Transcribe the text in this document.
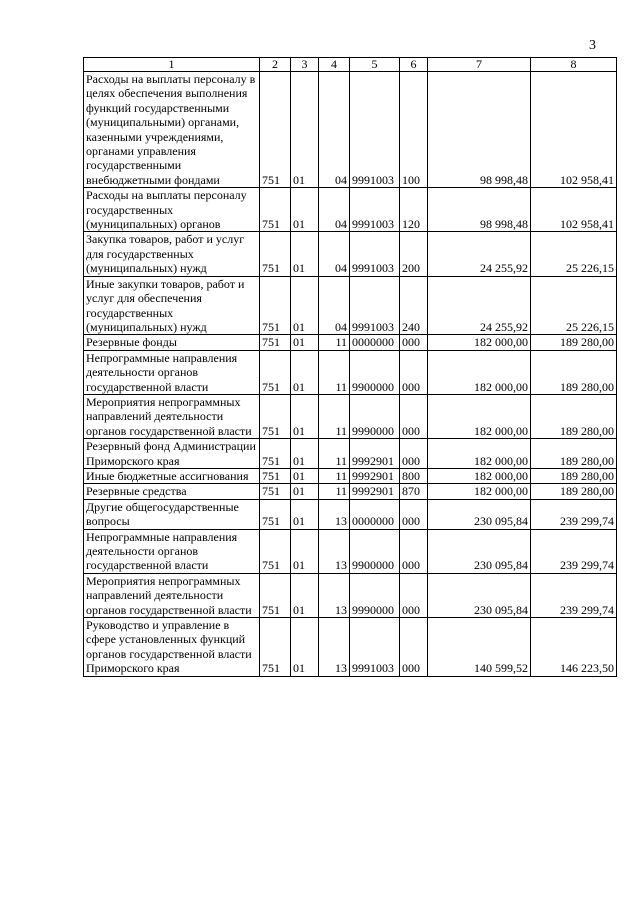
3
1	2	3	4	5	6	7	8
Расходы на выплаты персоналу в целях обеспечения выполнения функций государственными (муниципальными) органами, казенными учреждениями, органами управления государственными внебюджетными фондами	751	01	04	9991003	100	98 998,48	102 958,41
Расходы на выплаты персоналу государственных (муниципальных) органов	751	01	04	9991003	120	98 998,48	102 958,41
Закупка товаров, работ и услуг для государственных (муниципальных) нужд	751	01	04	9991003	200	24 255,92	25 226,15
Иные закупки товаров, работ и услуг для обеспечения государственных (муниципальных) нужд	751	01	04	9991003	240	24 255,92	25 226,15
Резервные фонды	751	01	11	0000000	000	182 000,00	189 280,00
Непрограммные направления деятельности органов государственной власти	751	01	11	9900000	000	182 000,00	189 280,00
Мероприятия непрограммных направлений деятельности органов государственной власти	751	01	11	9990000	000	182 000,00	189 280,00
Резервный фонд Администрации Приморского края	751	01	11	9992901	000	182 000,00	189 280,00
Иные бюджетные ассигнования	751	01	11	9992901	800	182 000,00	189 280,00
Резервные средства	751	01	11	9992901	870	182 000,00	189 280,00
Другие общегосударственные вопросы	751	01	13	0000000	000	230 095,84	239 299,74
Непрограммные направления деятельности органов государственной власти	751	01	13	9900000	000	230 095,84	239 299,74
Мероприятия непрограммных направлений деятельности органов государственной власти	751	01	13	9990000	000	230 095,84	239 299,74
Руководство и управление в сфере установленных функций органов государственной власти Приморского края	751	01	13	9991003	000	140 599,52	146 223,50
